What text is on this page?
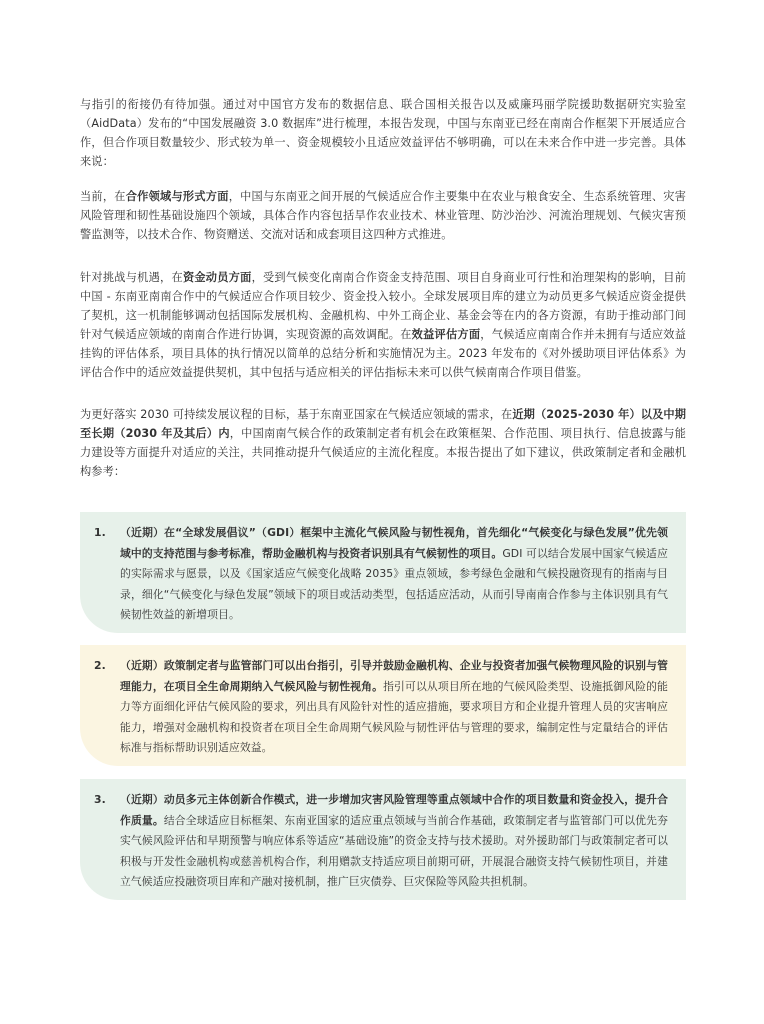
与指引的衔接仍有待加强。通过对中国官方发布的数据信息、联合国相关报告以及威廉玛丽学院援助数据研究实验室（AidData）发布的“中国发展融资 3.0 数据库”进行梳理，本报告发现，中国与东南亚已经在南南合作框架下开展适应合作，但合作项目数量较少、形式较为单一、资金规模较小且适应效益评估不够明确，可以在未来合作中进一步完善。具体来说：

当前，在合作领域与形式方面，中国与东南亚之间开展的气候适应合作主要集中在农业与粮食安全、生态系统管理、灾害风险管理和韧性基础设施四个领域，具体合作内容包括旱作农业技术、林业管理、防沙治沙、河流治理规划、气候灾害预警监测等，以技术合作、物资赠送、交流对话和成套项目这四种方式推进。

针对挑战与机遇，在资金动员方面，受到气候变化南南合作资金支持范围、项目自身商业可行性和治理架构的影响，目前中国 - 东南亚南南合作中的气候适应合作项目较少、资金投入较小。全球发展项目库的建立为动员更多气候适应资金提供了契机，这一机制能够调动包括国际发展机构、金融机构、中外工商企业、基金会等在内的各方资源，有助于推动部门间针对气候适应领域的南南合作进行协调，实现资源的高效调配。在效益评估方面，气候适应南南合作并未拥有与适应效益挂钩的评估体系，项目具体的执行情况以简单的总结分析和实施情况为主。2023 年发布的《对外援助项目评估体系》为评估合作中的适应效益提供契机，其中包括与适应相关的评估指标未来可以供气候南南合作项目借鉴。

为更好落实 2030 可持续发展议程的目标，基于东南亚国家在气候适应领域的需求，在近期（2025-2030 年）以及中期至长期（2030 年及其后）内，中国南南气候合作的政策制定者有机会在政策框架、合作范围、项目执行、信息披露与能力建设等方面提升对适应的关注，共同推动提升气候适应的主流化程度。本报告提出了如下建议，供政策制定者和金融机构参考：

1. （近期）在“全球发展倡议”（GDI）框架中主流化气候风险与韧性视角，首先细化“气候变化与绿色发展”优先领域中的支持范围与参考标准，帮助金融机构与投资者识别具有气候韧性的项目。GDI 可以结合发展中国家气候适应的实际需求与愿景，以及《国家适应气候变化战略 2035》重点领域，参考绿色金融和气候投融资现有的指南与目录，细化“气候变化与绿色发展”领域下的项目或活动类型，包括适应活动，从而引导南南合作参与主体识别具有气候韧性效益的新增项目。

2. （近期）政策制定者与监管部门可以出台指引，引导并鼓励金融机构、企业与投资者加强气候物理风险的识别与管理能力，在项目全生命周期纳入气候风险与韧性视角。指引可以从项目所在地的气候风险类型、设施抵御风险的能力等方面细化评估气候风险的要求，列出具有风险针对性的适应措施，要求项目方和企业提升管理人员的灾害响应能力，增强对金融机构和投资者在项目全生命周期气候风险与韧性评估与管理的要求，编制定性与定量结合的评估标准与指标帮助识别适应效益。

3. （近期）动员多元主体创新合作模式，进一步增加灾害风险管理等重点领域中合作的项目数量和资金投入，提升合作质量。结合全球适应目标框架、东南亚国家的适应重点领域与当前合作基础，政策制定者与监管部门可以优先夯实气候风险评估和早期预警与响应体系等适应“基础设施”的资金支持与技术援助。对外援助部门与政策制定者可以积极与开发性金融机构或慈善机构合作，利用赠款支持适应项目前期可研，开展混合融资支持气候韧性项目，并建立气候适应投融资项目库和产融对接机制，推广巨灾债券、巨灾保险等风险共担机制。
